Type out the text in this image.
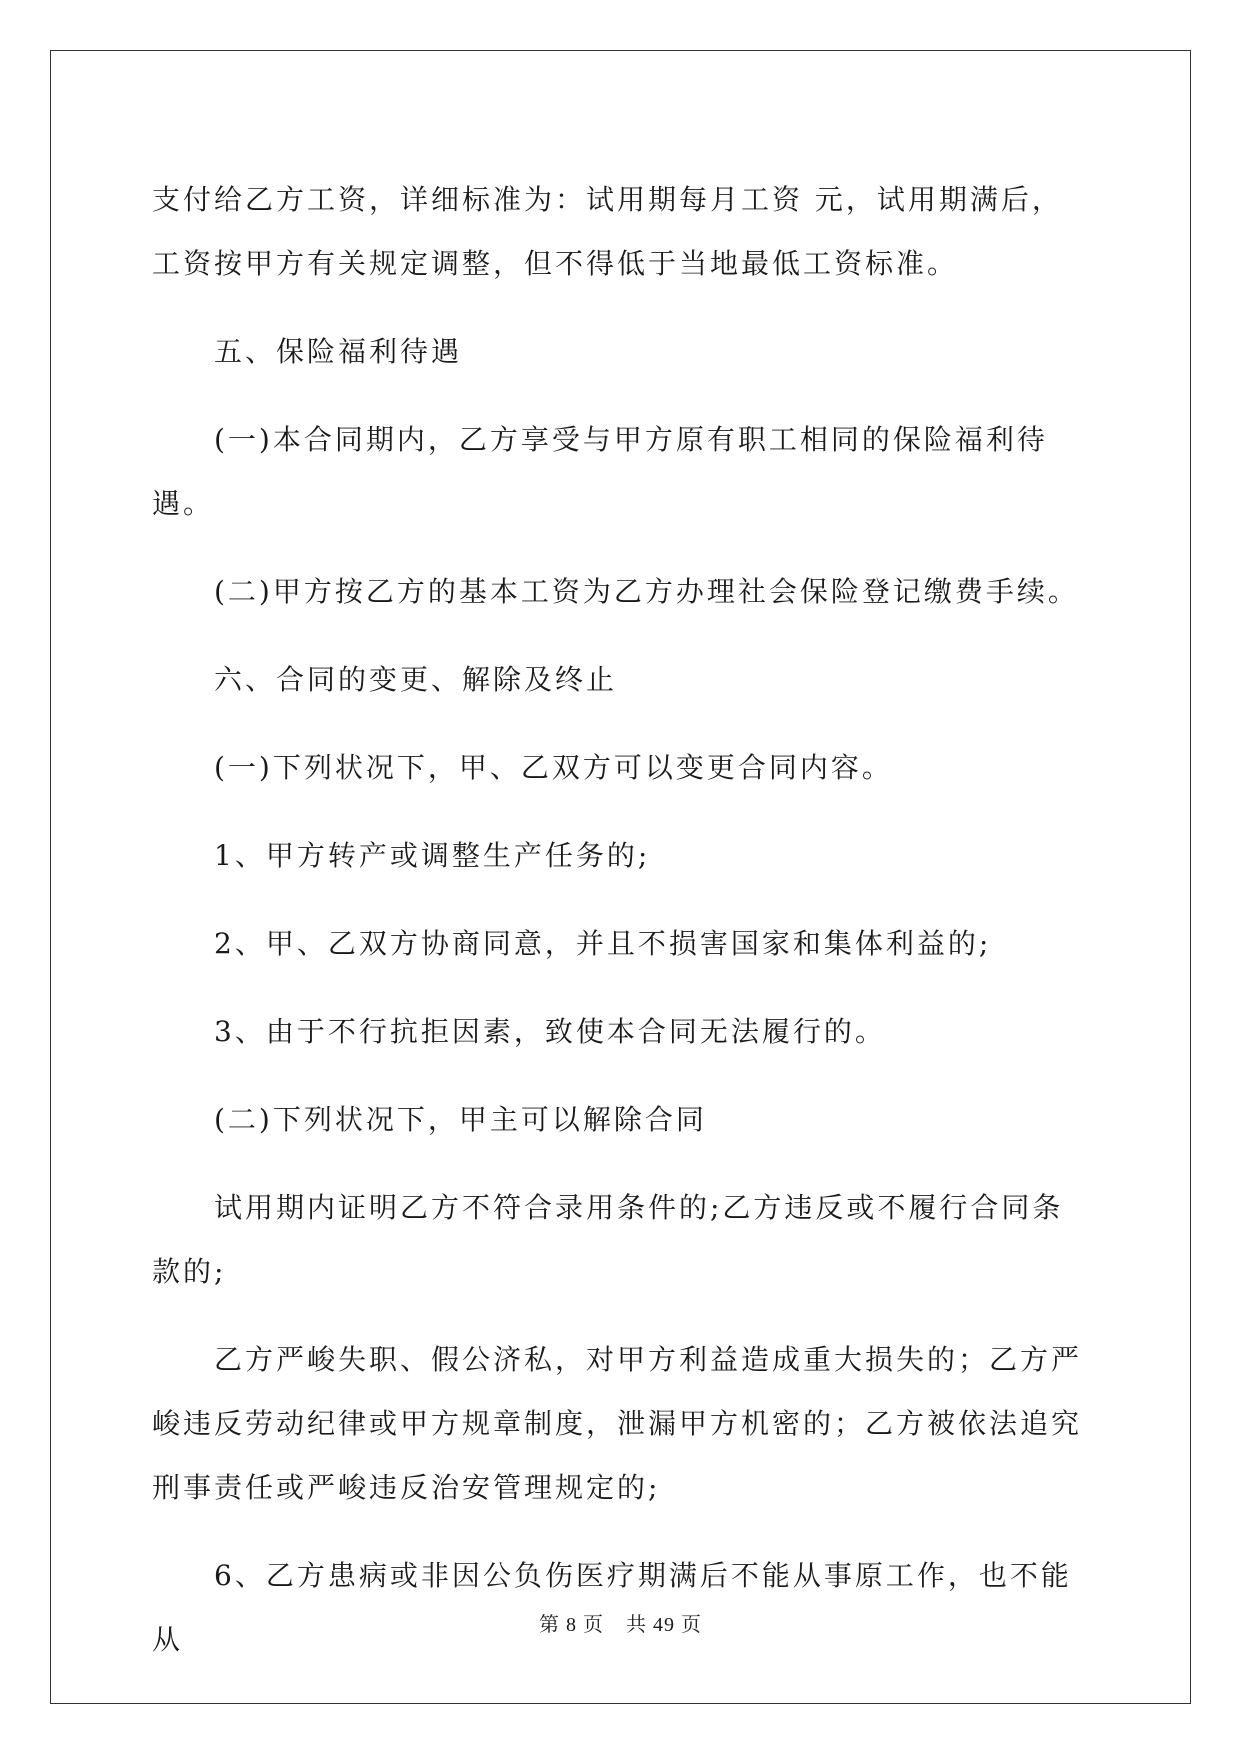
支付给乙方工资，详细标准为：试用期每月工资 元，试用期满后，工资按甲方有关规定调整，但不得低于当地最低工资标准。

五、保险福利待遇

(一)本合同期内，乙方享受与甲方原有职工相同的保险福利待遇。

(二)甲方按乙方的基本工资为乙方办理社会保险登记缴费手续。

六、合同的变更、解除及终止

(一)下列状况下，甲、乙双方可以变更合同内容。

1、甲方转产或调整生产任务的;

2、甲、乙双方协商同意，并且不损害国家和集体利益的;

3、由于不行抗拒因素，致使本合同无法履行的。

(二)下列状况下，甲主可以解除合同

试用期内证明乙方不符合录用条件的;乙方违反或不履行合同条款的;

乙方严峻失职、假公济私，对甲方利益造成重大损失的；乙方严峻违反劳动纪律或甲方规章制度，泄漏甲方机密的；乙方被依法追究刑事责任或严峻违反治安管理规定的;

6、乙方患病或非因公负伤医疗期满后不能从事原工作，也不能从	第 8 页 共 49 页
